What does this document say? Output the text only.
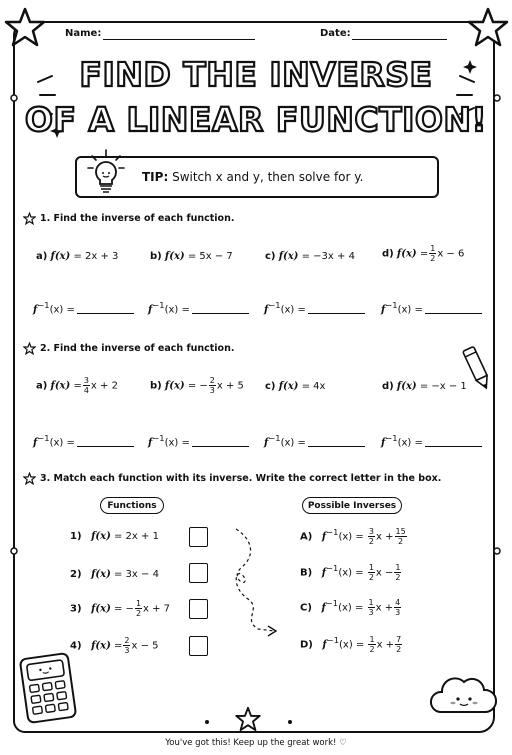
Name:	Date:
FIND THE INVERSE
OF A LINEAR FUNCTION!
TIP: Switch x and y, then solve for y.
1. Find the inverse of each function.
a) f(x) = 2x + 3	b) f(x) = 5x − 7	c) f(x) = −3x + 4	d) $f(x) = \frac{1}{2}$ x − 6
$f^{-1}(x)$ =	$f^{-1}(x)$ =	$f^{-1}(x)$ =	$f^{-1}(x)$ =
2. Find the inverse of each function.
a) $f(x) = \frac{3}{4}$ x + 2	b) f(x) = − $\frac{2}{3}$ x + 5 c) f(x) = 4x	d) f(x) = −x − 1
$f^{-1}(x)$ =	$f^{-1}(x)$ =	$f^{-1}(x)$ =	$f^{-1}(x)$ =
3. Match each function with its inverse. Write the correct letter in the box.
Functions	Possible Inverses
1) f(x) = 2x + 1
2) f(x) = 3x − 4
3) f(x) = − $\frac{1}{2}$ x + 7
4) $f(x) = \frac{2}{3}$ x − 5
A) $f^{-1}(x) = \frac{3}{2}$ $x + \frac{15}{2}$
B) $f^{-1}(x) = \frac{1}{2}$ $x - \frac{1}{2}$
C) $f^{-1}(x) = \frac{1}{3}$ $x + \frac{4}{3}$
D) $f^{-1}(x) = \frac{1}{2}$ $x + \frac{7}{2}$
You've got this! Keep up the great work! ♡
